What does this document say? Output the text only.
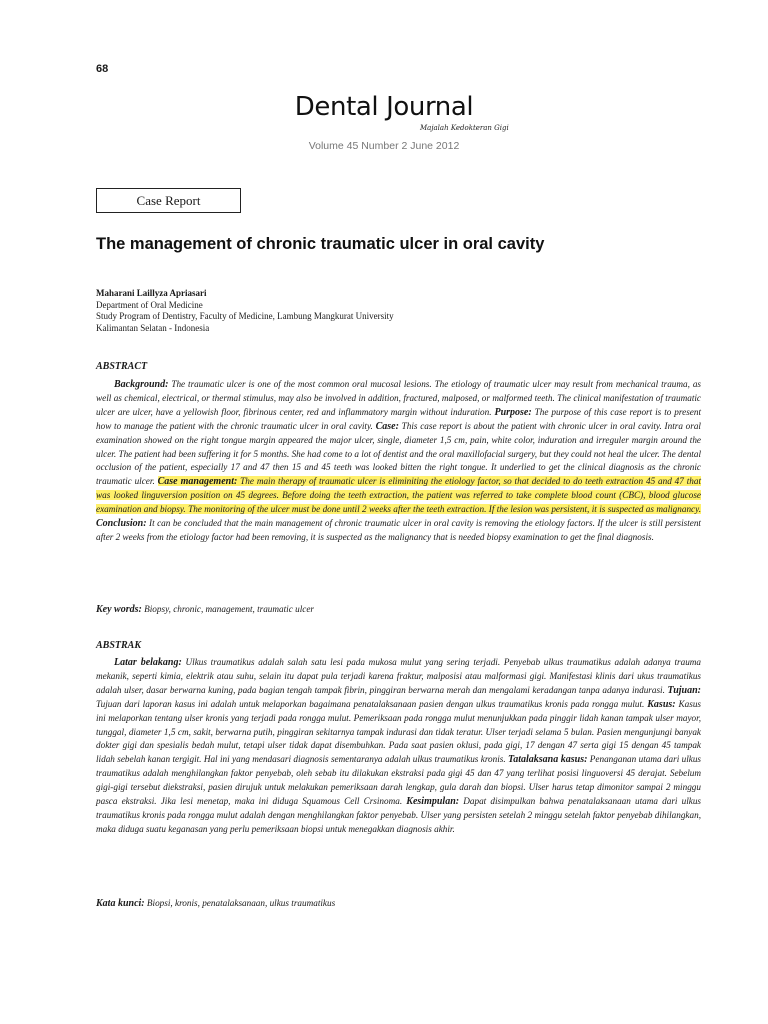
68
Dental Journal
Majalah Kedokteran Gigi
Volume 45 Number 2 June 2012
Case Report
The management of chronic traumatic ulcer in oral cavity
Maharani Laillyza Apriasari
Department of Oral Medicine
Study Program of Dentistry, Faculty of Medicine, Lambung Mangkurat University
Kalimantan Selatan - Indonesia
ABSTRACT
Background: The traumatic ulcer is one of the most common oral mucosal lesions. The etiology of traumatic ulcer may result from mechanical trauma, as well as chemical, electrical, or thermal stimulus, may also be involved in addition, fractured, malposed, or malformed teeth. The clinical manifestation of traumatic ulcer are ulcer, have a yellowish floor, fibrinous center, red and inflammatory margin without induration. Purpose: The purpose of this case report is to present how to manage the patient with the chronic traumatic ulcer in oral cavity. Case: This case report is about the patient with chronic ulcer in oral cavity. Intra oral examination showed on the right tongue margin appeared the major ulcer, single, diameter 1,5 cm, pain, white color, induration and irreguler margin around the ulcer. The patient had been suffering it for 5 months. She had come to a lot of dentist and the oral maxillofacial surgery, but they could not heal the ulcer. The dental occlusion of the patient, especially 17 and 47 then 15 and 45 teeth was looked bitten the right tongue. It underlied to get the clinical diagnosis as the chronic traumatic ulcer. Case management: The main therapy of traumatic ulcer is eliminiting the etiology factor, so that decided to do teeth extraction 45 and 47 that was looked linguversion position on 45 degrees. Before doing the teeth extraction, the patient was referred to take complete blood count (CBC), blood glucose examination and biopsy. The monitoring of the ulcer must be done until 2 weeks after the teeth extraction. If the lesion was persistent, it is suspected as malignancy. Conclusion: It can be concluded that the main management of chronic traumatic ulcer in oral cavity is removing the etiology factors. If the ulcer is still persistent after 2 weeks from the etiology factor had been removing, it is suspected as the malignancy that is needed biopsy examination to get the final diagnosis.
Key words: Biopsy, chronic, management, traumatic ulcer
ABSTRAK
Latar belakang: Ulkus traumatikus adalah salah satu lesi pada mukosa mulut yang sering terjadi. Penyebab ulkus traumatikus adalah adanya trauma mekanik, seperti kimia, elektrik atau suhu, selain itu dapat pula terjadi karena fraktur, malposisi atau malformasi gigi. Manifestasi klinis dari ukus traumatikus adalah ulser, dasar berwarna kuning, pada bagian tengah tampak fibrin, pinggiran berwarna merah dan mengalami keradangan tanpa adanya indurasi. Tujuan: Tujuan dari laporan kasus ini adalah untuk melaporkan bagaimana penatalaksanaan pasien dengan ulkus traumatikus kronis pada rongga mulut. Kasus: Kasus ini melaporkan tentang ulser kronis yang terjadi pada rongga mulut. Pemeriksaan pada rongga mulut menunjukkan pada pinggir lidah kanan tampak ulser mayor, tunggal, diameter 1,5 cm, sakit, berwarna putih, pinggiran sekitarnya tampak indurasi dan tidak teratur. Ulser terjadi selama 5 bulan. Pasien mengunjungi banyak dokter gigi dan spesialis bedah mulut, tetapi ulser tidak dapat disembuhkan. Pada saat pasien oklusi, pada gigi, 17 dengan 47 serta gigi 15 dengan 45 tampak lidah sebelah kanan tergigit. Hal ini yang mendasari diagnosis sementaranya adalah ulkus traumatikus kronis. Tatalaksana kasus: Penanganan utama dari ulkus traumatikus adalah menghilangkan faktor penyebab, oleh sebab itu dilakukan ekstraksi pada gigi 45 dan 47 yang terlihat posisi linguoversi 45 derajat. Sebelum gigi-gigi tersebut diekstraksi, pasien dirujuk untuk melakukan pemeriksaan darah lengkap, gula darah dan biopsi. Ulser harus tetap dimonitor sampai 2 minggu pasca ekstraksi. Jika lesi menetap, maka ini diduga Squamous Cell Crsinoma. Kesimpulan: Dapat disimpulkan bahwa penatalaksanaan utama dari ulkus traumatikus kronis pada rongga mulut adalah dengan menghilangkan faktor penyebab. Ulser yang persisten setelah 2 minggu setelah faktor penyebab dihilangkan, maka diduga suatu keganasan yang perlu pemeriksaan biopsi untuk menegakkan diagnosis akhir.
Kata kunci: Biopsi, kronis, penatalaksanaan, ulkus traumatikus
